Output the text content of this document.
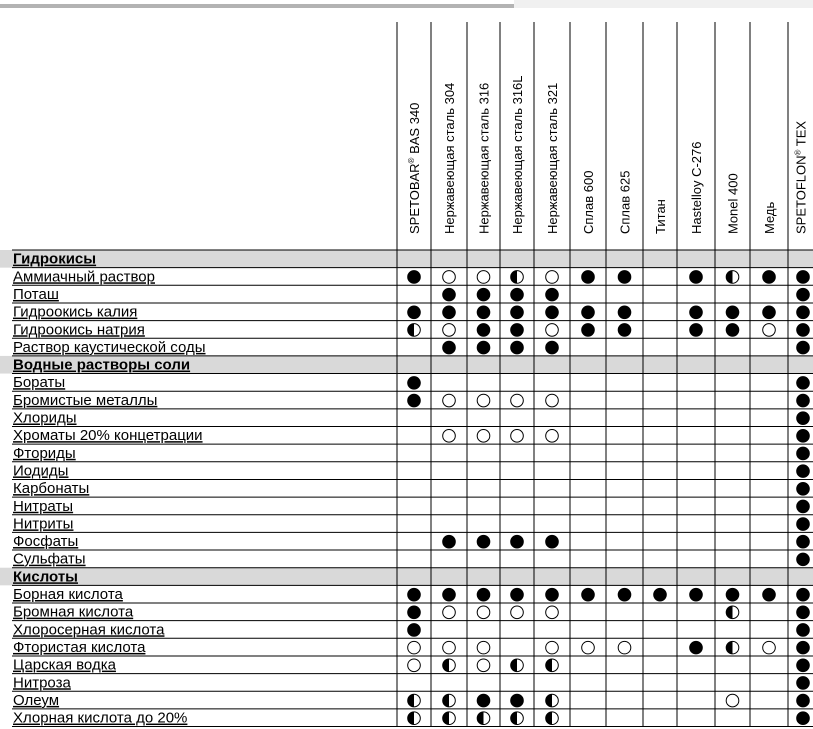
SPETOBAR® BAS 340 Нержавеющая сталь 304 Нержавеющая сталь 316 Нержавеющая сталь 316L Нержавеющая сталь 321 Сплав 600 Сплав 625 Титан Hastelloy C-276 Monel 400 Медь SPETOFLON® TEX
Гидрокисы
Аммиачный раствор
Поташ
Гидроокись калия
Гидроокись натрия
Раствор каустической соды
Водные растворы соли
Бораты
Бромистые металлы
Хлориды
Хроматы 20% концетрации
Фториды
Иодиды
Карбонаты
Нитраты
Нитриты
Фосфаты
Сульфаты
Кислоты
Борная кислота
Бромная кислота
Хлоросерная кислота
Фтористая кислота
Царская водка
Нитроза
Олеум
Хлорная кислота до 20%
